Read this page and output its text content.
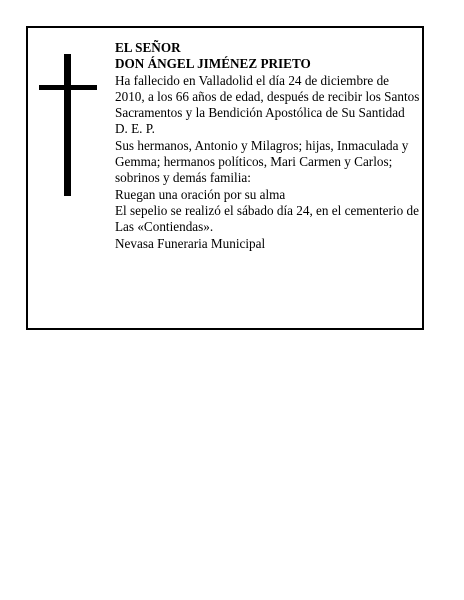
EL SEÑOR

DON ÁNGEL JIMÉNEZ PRIETO

Ha fallecido en Valladolid el día 24 de diciembre de 2010, a los 66 años de edad, después de recibir los Santos Sacramentos y la Bendición Apostólica de Su Santidad

D. E. P.

Sus hermanos, Antonio y Milagros; hijas, Inmaculada y Gemma; hermanos políticos, Mari Carmen y Carlos; sobrinos y demás familia:

Ruegan una oración por su alma

El sepelio se realizó el sábado día 24, en el cementerio de Las «Contiendas».

Nevasa Funeraria Municipal
